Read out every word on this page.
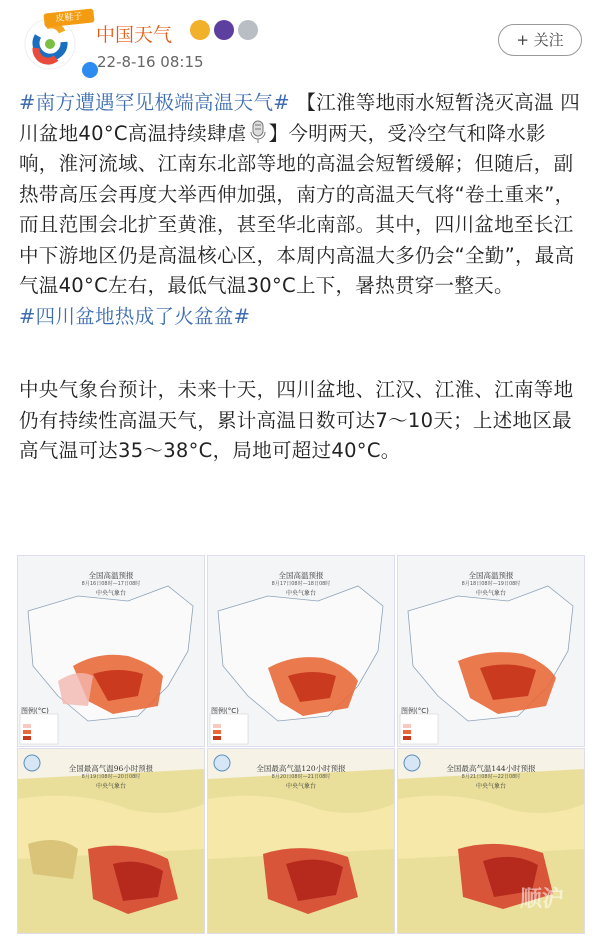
皮鞋子
中国天气
22-8-16 08:15
+ 关注

#南方遭遇罕见极端高温天气# 【江淮等地雨水短暂浇灭高温 四川盆地40°C高温持续肆虐 】今明两天，受冷空气和降水影响，淮河流域、江南东北部等地的高温会短暂缓解；但随后，副热带高压会再度大举西伸加强，南方的高温天气将“卷土重来”，而且范围会北扩至黄淮，甚至华北南部。其中，四川盆地至长江中下游地区仍是高温核心区，本周内高温大多仍会“全勤”，最高气温40°C左右，最低气温30°C上下，暑热贯穿一整天。

#四川盆地热成了火盆盆#

中央气象台预计，未来十天，四川盆地、江汉、江淮、江南等地仍有持续性高温天气，累计高温日数可达7～10天；上述地区最高气温可达35～38°C，局地可超过40°C。

全国高温预报
8月16日08时—17日08时
中央气象台
图例(°C)
全国高温预报
8月17日08时—18日08时
中央气象台
图例(°C)
全国高温预报
8月18日08时—19日08时
中央气象台
图例(°C)
全国最高气温96小时预报
8月19日08时—20日08时
中央气象台
全国最高气温120小时预报
8月20日08时—21日08时
中央气象台
全国最高气温144小时预报
8月21日08时—22日08时
中央气象台
顺沪
